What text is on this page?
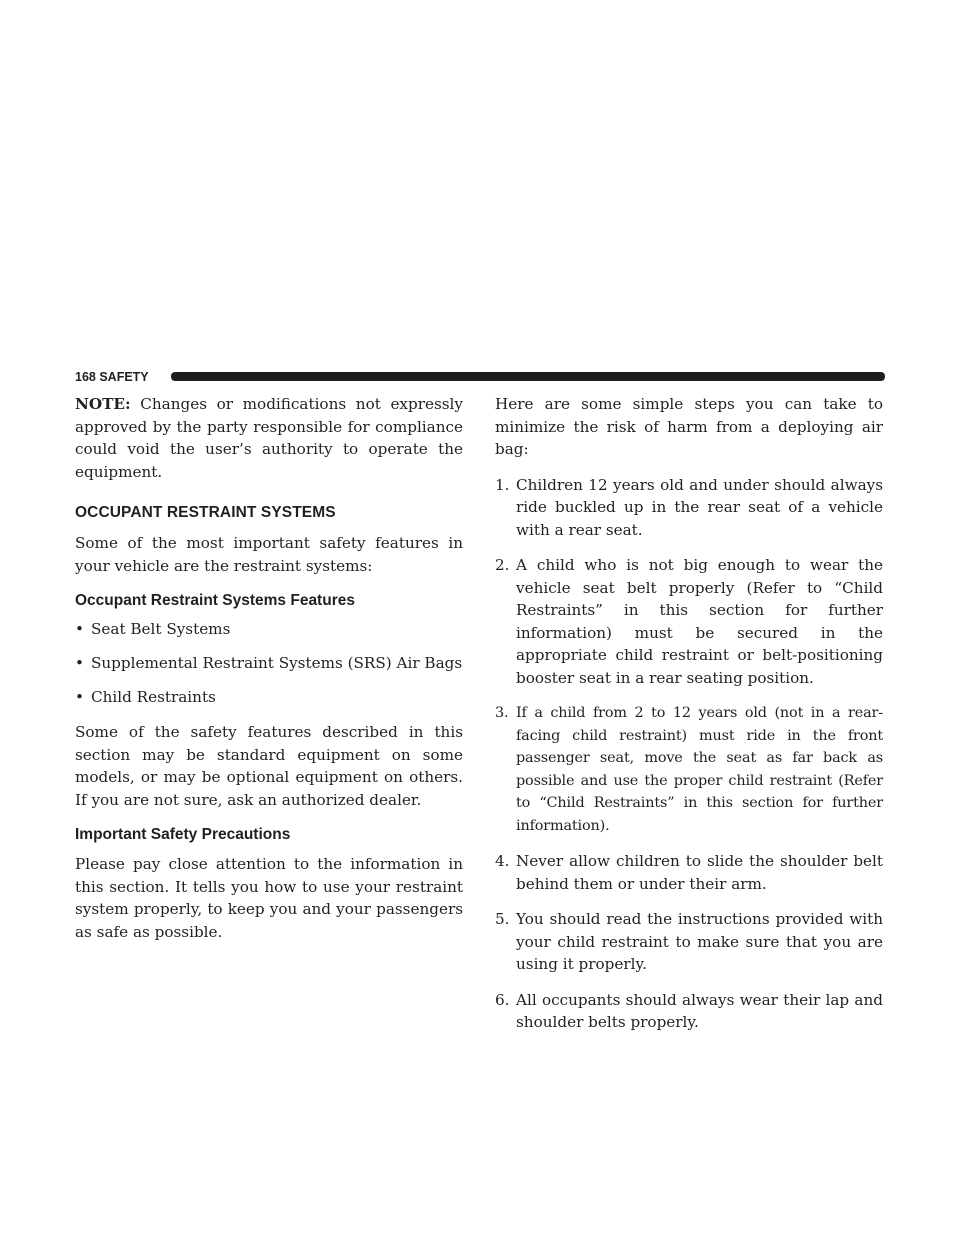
168 SAFETY

NOTE: Changes or modifications not expressly approved by the party responsible for compliance could void the user’s authority to operate the equipment.

OCCUPANT RESTRAINT SYSTEMS

Some of the most important safety features in your vehicle are the restraint systems:

Occupant Restraint Systems Features
• Seat Belt Systems
• Supplemental Restraint Systems (SRS) Air Bags
• Child Restraints

Some of the safety features described in this section may be standard equipment on some models, or may be optional equipment on others. If you are not sure, ask an authorized dealer.

Important Safety Precautions

Please pay close attention to the information in this section. It tells you how to use your restraint system properly, to keep you and your passengers as safe as possible.

Here are some simple steps you can take to minimize the risk of harm from a deploying air bag:

1. Children 12 years old and under should always ride buckled up in the rear seat of a vehicle with a rear seat.
2. A child who is not big enough to wear the vehicle seat belt properly (Refer to “Child Restraints” in this section for further information) must be secured in the appropriate child restraint or belt-positioning booster seat in a rear seating position.
3. If a child from 2 to 12 years old (not in a rear-facing child restraint) must ride in the front passenger seat, move the seat as far back as possible and use the proper child restraint (Refer to “Child Restraints” in this section for further information).
4. Never allow children to slide the shoulder belt behind them or under their arm.
5. You should read the instructions provided with your child restraint to make sure that you are using it properly.
6. All occupants should always wear their lap and shoulder belts properly.
